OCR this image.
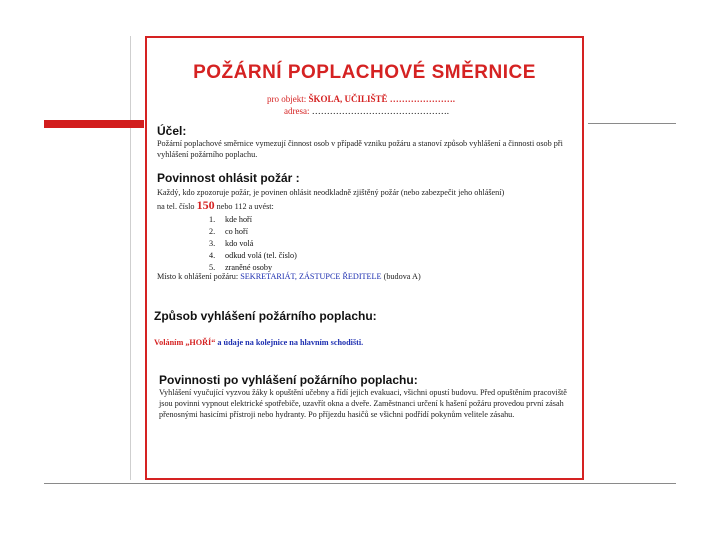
POŽÁRNÍ POPLACHOVÉ SMĚRNICE
pro objekt: ŠKOLA, UČILIŠTĚ ………………….
adresa: ……………………………………….
Účel:
Požární poplachové směrnice vymezují činnost osob v případě vzniku požáru a stanoví způsob vyhlášení a činnosti osob při vyhlášení požárního poplachu.
Povinnost ohlásit požár :
Každý, kdo zpozoruje požár, je povinen ohlásit neodkladně zjištěný požár (nebo zabezpečit jeho ohlášení)
na tel. číslo 150 nebo 112 a uvést:
1. kde hoří
2. co hoří
3. kdo volá
4. odkud volá (tel. číslo)
5. zraněné osoby
Místo k ohlášení požáru: SEKRETARIÁT, ZÁSTUPCE ŘEDITELE (budova A)
Způsob vyhlášení požárního poplachu:
Voláním „HOŘÍ“ a údaje na kolejnice na hlavním schodišti.
Povinnosti po vyhlášení požárního poplachu:
Vyhlášení vyučující vyzvou žáky k opuštění učebny a řídí jejich evakuaci, všichni opustí budovu. Před opuštěním pracoviště jsou povinni vypnout elektrické spotřebiče, uzavřít okna a dveře. Zaměstnanci určení k hašení požáru provedou první zásah přenosnými hasicími přístroji nebo hydranty. Po příjezdu hasičů se všichni podřídí pokynům velitele zásahu.
